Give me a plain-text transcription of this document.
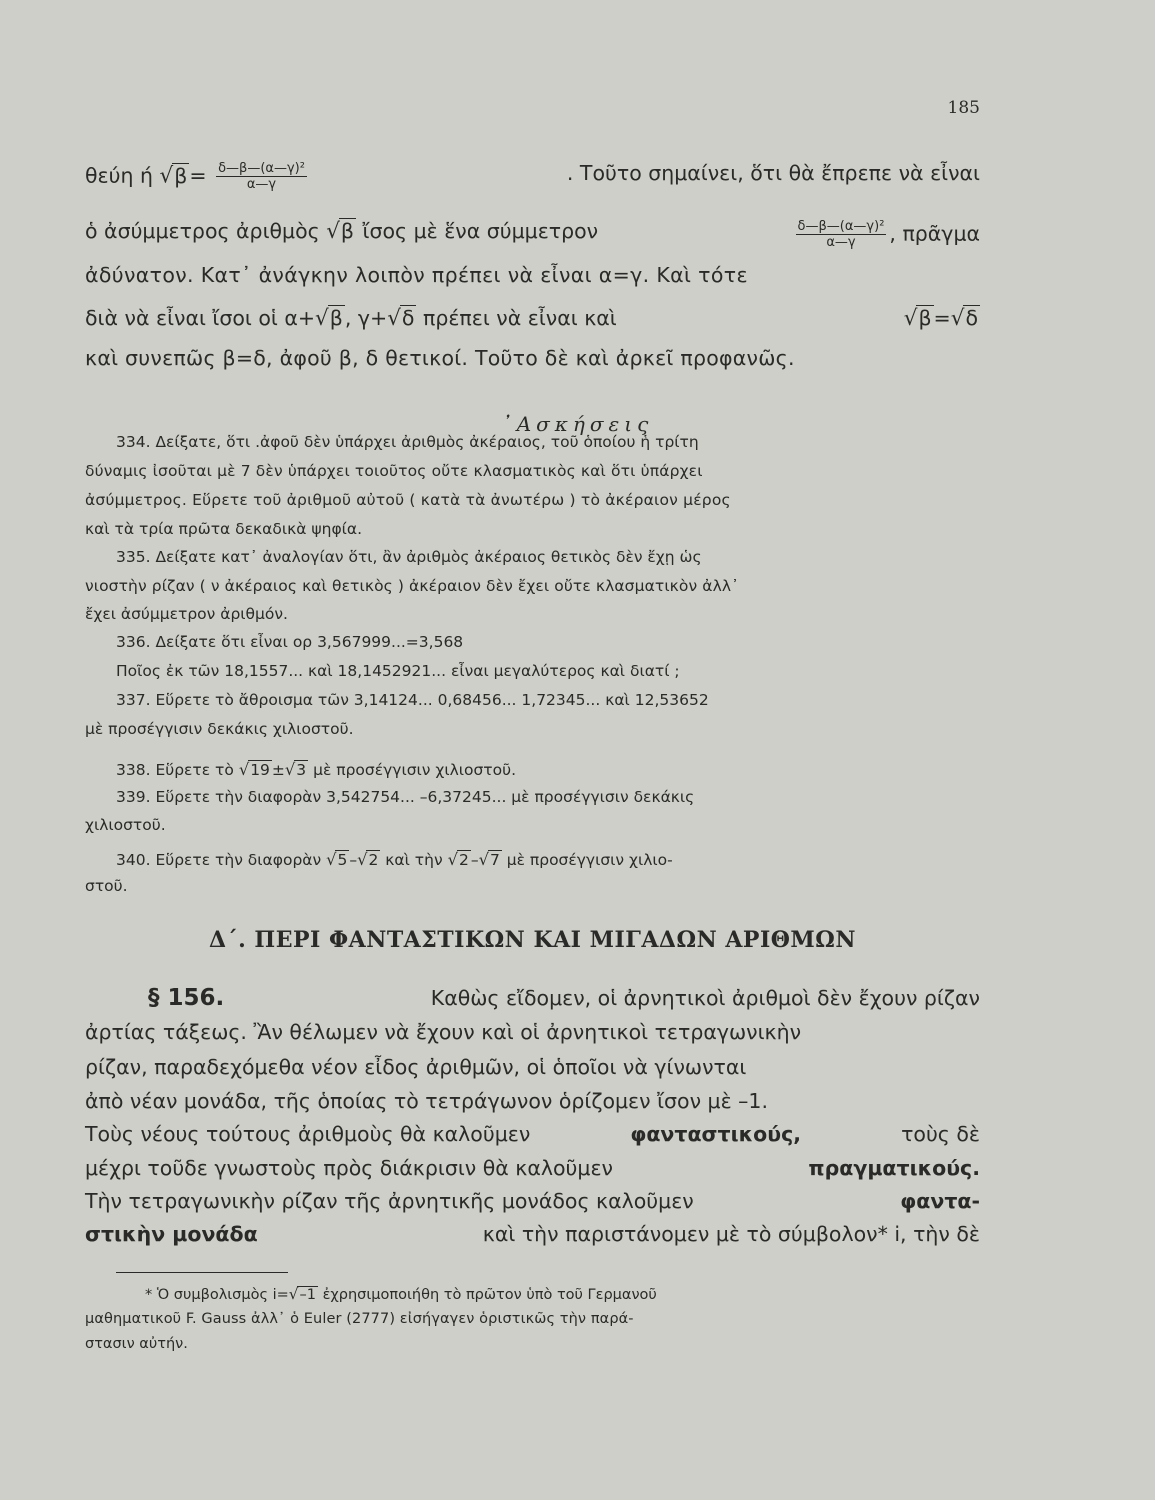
185
θεύη ή $√\beta= \frac{\text{δ—β—(α—γ)²}}{\alpha—\gamma}$	. Τοῦτο σημαίνει, ὅτι θὰ ἔπρεπε νὰ εἶναι
ὁ ἀσύμμετρος ἀριθμὸς √β ἴσος μὲ ἕνα σύμμετρον	$\frac{\text{δ—β—(α—γ)²}}{\alpha—\gamma}$ , πρᾶγμα
ἀδύνατον. Κατ᾽ ἀνάγκην λοιπὸν πρέπει νὰ εἶναι α=γ. Καὶ τότε
διὰ νὰ εἶναι ἴσοι οἱ α+√β, γ+√δ πρέπει νὰ εἶναι καὶ	√β=√δ
καὶ συνεπῶς β=δ, ἀφοῦ β, δ θετικοί. Τοῦτο δὲ καὶ ἀρκεῖ προφανῶς.
᾽Ασκήσεις
334. Δείξατε, ὅτι .ἀφοῦ δὲν ὑπάρχει ἀριθμὸς ἀκέραιος, τοῦ ὁποίου ἡ τρίτη
δύναμις ἰσοῦται μὲ 7 δὲν ὑπάρχει τοιοῦτος οὔτε κλασματικὸς καὶ ὅτι ὑπάρχει
ἀσύμμετρος. Εὕρετε τοῦ ἀριθμοῦ αὐτοῦ ( κατὰ τὰ ἀνωτέρω ) τὸ ἀκέραιον μέρος
καὶ τὰ τρία πρῶτα δεκαδικὰ ψηφία.
335. Δείξατε κατ᾽ ἀναλογίαν ὅτι, ἂν ἀριθμὸς ἀκέραιος θετικὸς δὲν ἔχῃ ὡς
νιοστὴν ρίζαν ( ν ἀκέραιος καὶ θετικὸς ) ἀκέραιον δὲν ἔχει οὔτε κλασματικὸν ἀλλ᾽
ἔχει ἀσύμμετρον ἀριθμόν.
336. Δείξατε ὅτι εἶναι ορ 3,567999...=3,568
Ποῖος ἐκ τῶν 18,1557... καὶ 18,1452921... εἶναι μεγαλύτερος καὶ διατί ;
337. Εὕρετε τὸ ἄθροισμα τῶν 3,14124... 0,68456... 1,72345... καὶ 12,53652
μὲ προσέγγισιν δεκάκις χιλιοστοῦ.
338. Εὕρετε τὸ √19 ±√3 μὲ προσέγγισιν χιλιοστοῦ.
339. Εὕρετε τὴν διαφορὰν 3,542754... –6,37245... μὲ προσέγγισιν δεκάκις
χιλιοστοῦ.
340. Εὕρετε τὴν διαφορὰν √5 –√2 καὶ τὴν √2 –√7 μὲ προσέγγισιν χιλιο-
στοῦ.
Δ΄. ΠΕΡΙ ΦΑΝΤΑΣΤΙΚΩΝ ΚΑΙ ΜΙΓΑΔΩΝ ΑΡΙΘΜΩΝ
§ 156.	Καθὼς εἴδομεν, οἱ ἀρνητικοὶ ἀριθμοὶ δὲν ἔχουν ρίζαν
ἀρτίας τάξεως. Ἂν θέλωμεν νὰ ἔχουν καὶ οἱ ἀρνητικοὶ τετραγωνικὴν
ρίζαν, παραδεχόμεθα νέον εἶδος ἀριθμῶν, οἱ ὁποῖοι νὰ γίνωνται
ἀπὸ νέαν μονάδα, τῆς ὁποίας τὸ τετράγωνον ὁρίζομεν ἴσον μὲ –1.
Τοὺς νέους τούτους ἀριθμοὺς θὰ καλοῦμεν	φανταστικούς,	τοὺς δὲ
μέχρι τοῦδε γνωστοὺς πρὸς διάκρισιν θὰ καλοῦμεν	πραγματικούς.
Τὴν τετραγωνικὴν ρίζαν τῆς ἀρνητικῆς μονάδος καλοῦμεν	φαντα-
στικὴν μονάδα	καὶ τὴν παριστάνομεν μὲ τὸ σύμβολον* i, τὴν δὲ
* Ὁ συμβολισμὸς i=√–1 ἐχρησιμοποιήθη τὸ πρῶτον ὑπὸ τοῦ Γερμανοῦ
μαθηματικοῦ F. Gauss ἀλλ᾽ ὁ Euler (2777) εἰσήγαγεν ὁριστικῶς τὴν παρά-
στασιν αὐτήν.
